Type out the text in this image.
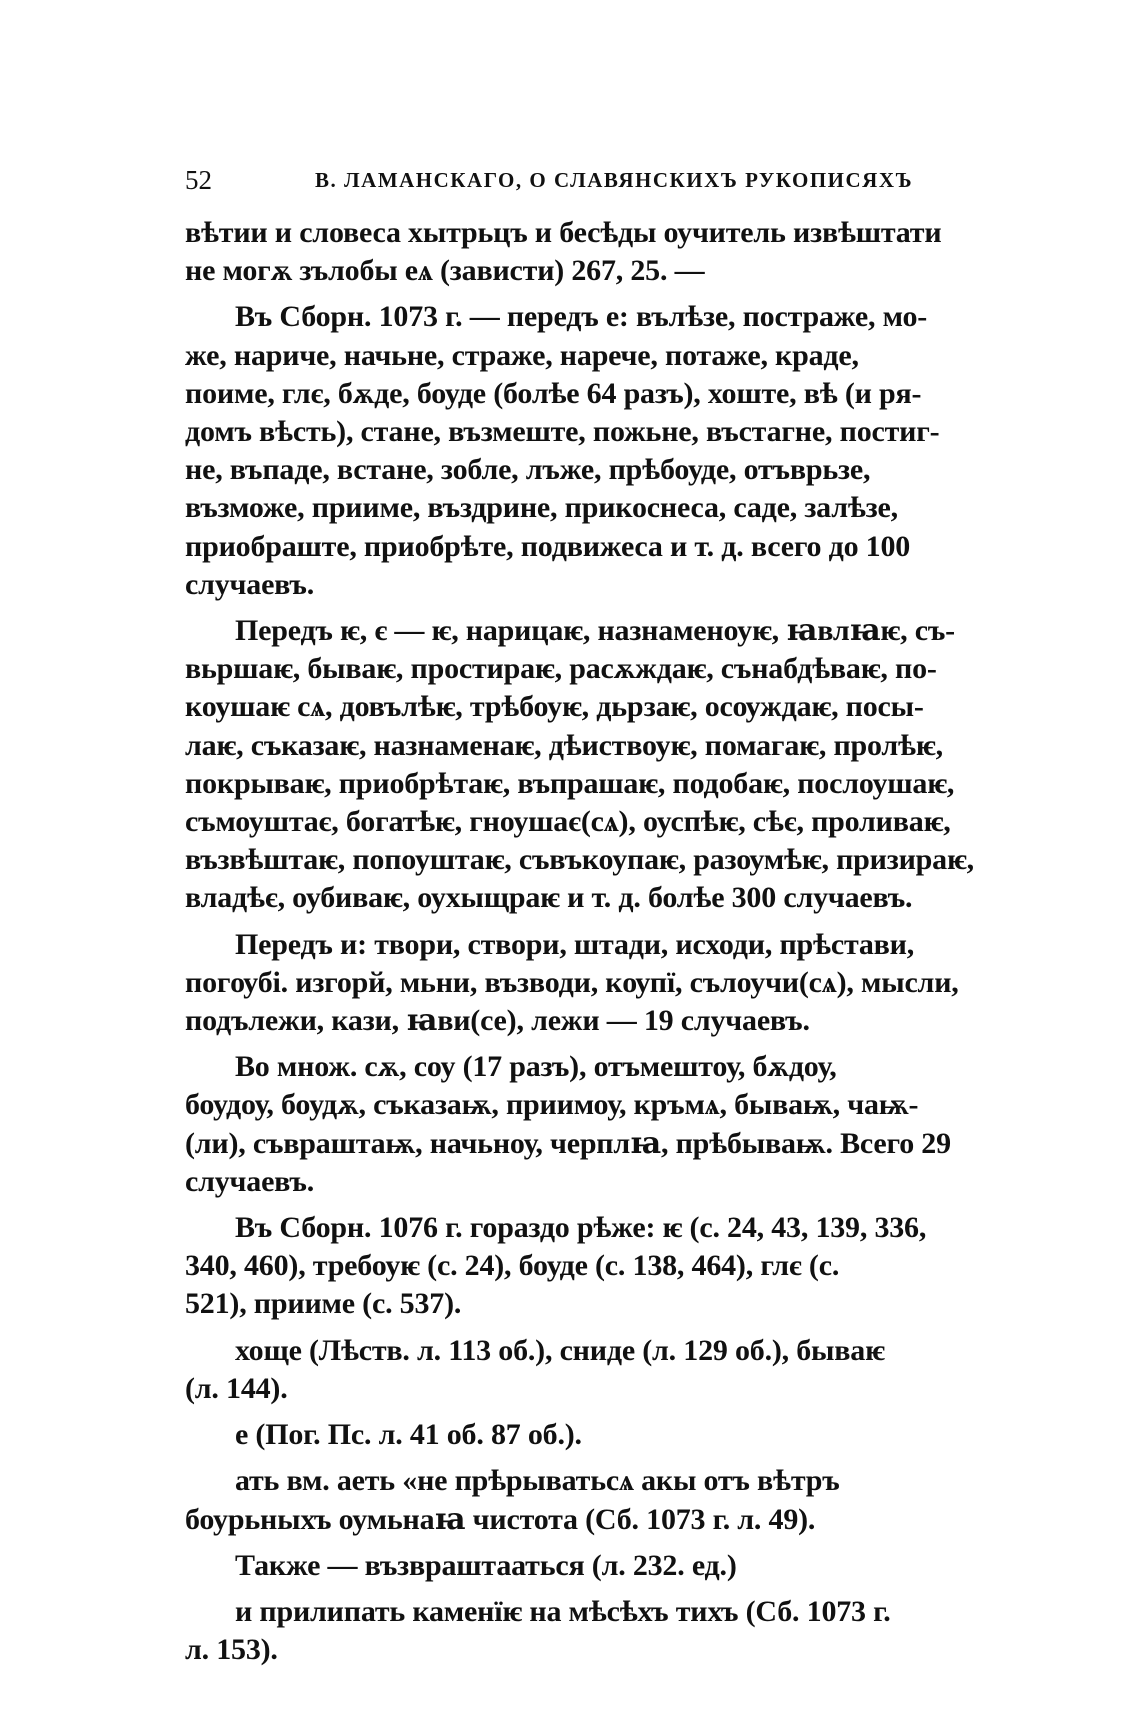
52	В. ЛАМАНСКАГО, О СЛАВЯНСКИХЪ РУКОПИСЯХЪ
вѣтии и словеса хытрьцъ и бесѣды оучитель извѣштати
не могѫ зълобы еѧ (зависти) 267, 25. —
Въ Сборн. 1073 г. — передъ е: вълѣзе, постраже, мо-
же, нариче, начьне, страже, нарече, потаже, краде,
поиме, глє, бѫде, боуде (болѣе 64 разъ), хоште, вѣ (и ря-
домъ вѣсть), стане, възмеште, пожьне, въстагне, постиг-
не, въпаде, встане, зобле, лъже, прѣбоуде, отъврьзе,
възможе, приимe, въздрине, прикоснеса, саде, залѣзе,
приобраште, приобрѣте, подвижеса и т. д. всего до 100
случаевъ.
Передъ ѥ, є — ѥ, нарицаѥ, назнаменоуѥ, ꙗвлꙗѥ, съ-
вьршаѥ, бываѥ, простираѥ, расѫждаѥ, сънабдѣваѥ, по-
коушаѥ сѧ, довълѣѥ, трѣбоуѥ, дьрзаѥ, осѹждаѥ, посы-
лаѥ, съказаѥ, назнаменаѥ, дѣиствоуѥ, помагаѥ, пролѣѥ,
покрываѥ, приобрѣтаѥ, въпрашаѥ, подобаѥ, послоушаѥ,
съмоуштає, богатѣѥ, гноушає(сѧ), оуспѣѥ, сѣє, проливаѥ,
възвѣштаѥ, попоуштаѥ, съвъкоупаѥ, разѹмѣѥ, призираѥ,
владѣє, оубиваѥ, оухыщраѥ и т. д. болѣе 300 случаевъ.
Передъ и: твори, створи, штади, исходи, прѣстави,
погѹбі. изгорй, мьни, възводи, кѹпї, сълоучи(сѧ), мысли,
подълежи, кази, ꙗви(се), лежи — 19 случаевъ.
Во множ. сѫ, соу (17 разъ), отъмештоу, бѫдоу,
боудоу, боудѫ, съказаѭ, приимоу, кръмѧ, бываѭ, чаѭ-
(ли), съвраштаѭ, начьноу, черплꙗ, прѣбываѭ. Всего 29
случаевъ.
Въ Сборн. 1076 г. гораздо рѣже: ѥ (с. 24, 43, 139, 336,
340, 460), требоуѥ (с. 24), боуде (с. 138, 464), глє (с.
521), прииме (с. 537).
хоще (Лѣств. л. 113 об.), сниде (л. 129 об.), бываѥ
(л. 144).
е (Пог. Пс. л. 41 об. 87 об.).
ать вм. аеть «не прѣрыватьсѧ акы отъ вѣтръ
боурьныхъ оумьнаꙗ чистота (Сб. 1073 г. л. 49).
Также — възвраштааться (л. 232. ед.)
и прилипать каменїѥ на мѣсѣхъ тихъ (Сб. 1073 г.
л. 153).
